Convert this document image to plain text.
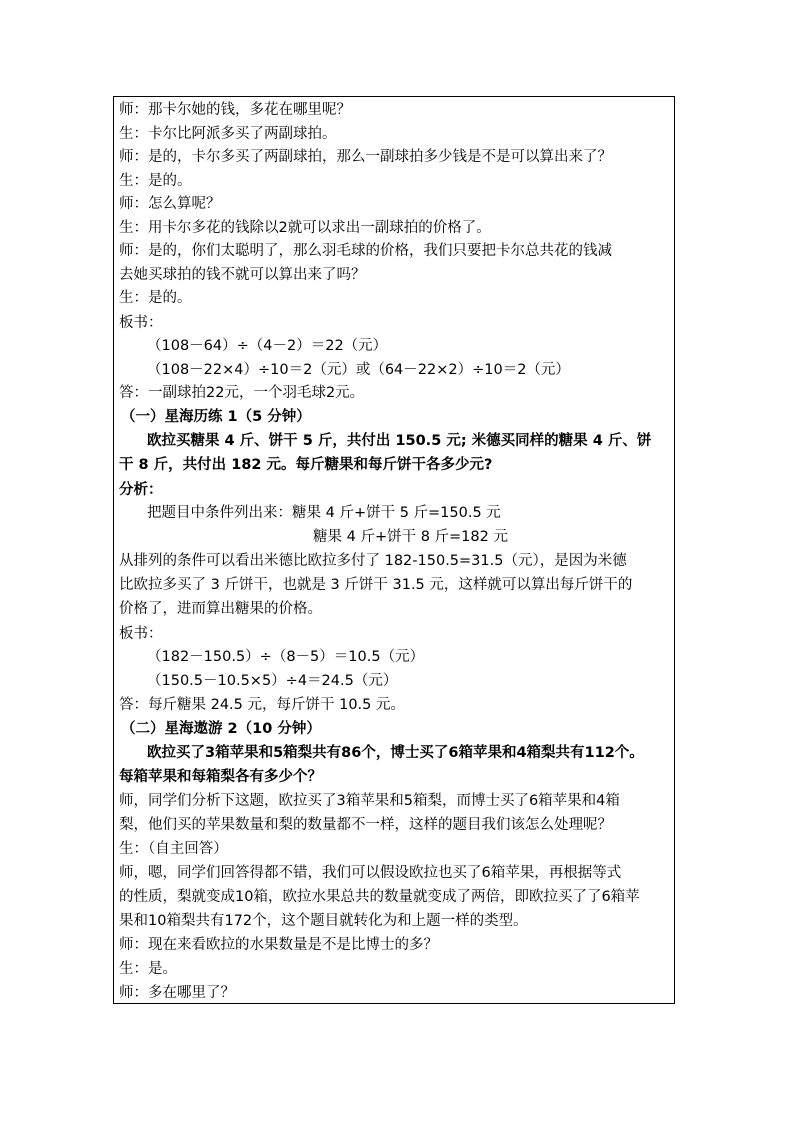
师：那卡尔她的钱，多花在哪里呢？
生：卡尔比阿派多买了两副球拍。
师：是的，卡尔多买了两副球拍，那么一副球拍多少钱是不是可以算出来了？
生：是的。
师：怎么算呢？
生：用卡尔多花的钱除以2就可以求出一副球拍的价格了。
师：是的，你们太聪明了，那么羽毛球的价格，我们只要把卡尔总共花的钱减
去她买球拍的钱不就可以算出来了吗？
生：是的。
板书：
（108－64）÷（4－2）＝22（元）
（108－22×4）÷10＝2（元）或（64－22×2）÷10＝2（元）
答：一副球拍22元，一个羽毛球2元。
（一）星海历练 1（5 分钟）
欧拉买糖果 4 斤、饼干 5 斤，共付出 150.5 元; 米德买同样的糖果 4 斤、饼
干 8 斤，共付出 182 元。每斤糖果和每斤饼干各多少元?
分析：
把题目中条件列出来：糖果 4 斤+饼干 5 斤=150.5 元
糖果 4 斤+饼干 8 斤=182 元
从排列的条件可以看出米德比欧拉多付了 182-150.5=31.5（元），是因为米德
比欧拉多买了 3 斤饼干，也就是 3 斤饼干 31.5 元，这样就可以算出每斤饼干的
价格了，进而算出糖果的价格。
板书：
（182－150.5）÷（8－5）＝10.5（元）
（150.5－10.5×5）÷4＝24.5（元）
答：每斤糖果 24.5 元，每斤饼干 10.5 元。
（二）星海遨游 2（10 分钟）
欧拉买了3箱苹果和5箱梨共有86个，博士买了6箱苹果和4箱梨共有112个。
每箱苹果和每箱梨各有多少个？
师，同学们分析下这题，欧拉买了3箱苹果和5箱梨，而博士买了6箱苹果和4箱
梨，他们买的苹果数量和梨的数量都不一样，这样的题目我们该怎么处理呢？
生：（自主回答）
师，嗯，同学们回答得都不错，我们可以假设欧拉也买了6箱苹果，再根据等式
的性质，梨就变成10箱，欧拉水果总共的数量就变成了两倍，即欧拉买了了6箱苹
果和10箱梨共有172个，这个题目就转化为和上题一样的类型。
师：现在来看欧拉的水果数量是不是比博士的多？
生：是。
师：多在哪里了？
